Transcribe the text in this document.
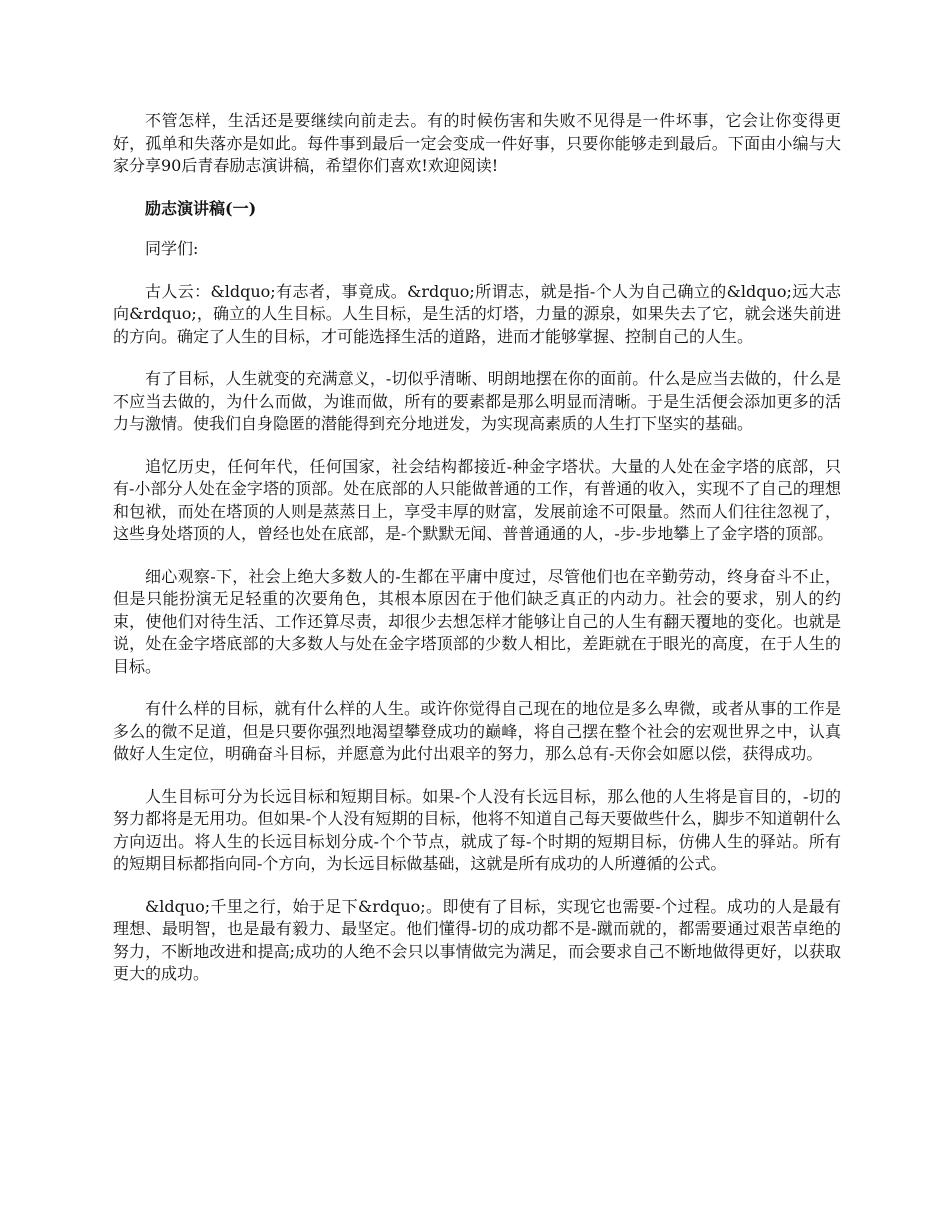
不管怎样，生活还是要继续向前走去。有的时候伤害和失败不见得是一件坏事，它会让你变得更好，孤单和失落亦是如此。每件事到最后一定会变成一件好事，只要你能够走到最后。下面由小编与大家分享90后青春励志演讲稿，希望你们喜欢!欢迎阅读!

励志演讲稿(一)

同学们:

古人云：&ldquo;有志者，事竟成。&rdquo;所谓志，就是指-个人为自己确立的&ldquo;远大志向&rdquo;，确立的人生目标。人生目标，是生活的灯塔，力量的源泉，如果失去了它，就会迷失前进的方向。确定了人生的目标，才可能选择生活的道路，进而才能够掌握、控制自己的人生。

有了目标，人生就变的充满意义，-切似乎清晰、明朗地摆在你的面前。什么是应当去做的，什么是不应当去做的，为什么而做，为谁而做，所有的要素都是那么明显而清晰。于是生活便会添加更多的活力与激情。使我们自身隐匿的潜能得到充分地迸发，为实现高素质的人生打下坚实的基础。

追忆历史，任何年代，任何国家，社会结构都接近-种金字塔状。大量的人处在金字塔的底部，只有-小部分人处在金字塔的顶部。处在底部的人只能做普通的工作，有普通的收入，实现不了自己的理想和包袱，而处在塔顶的人则是蒸蒸日上，享受丰厚的财富，发展前途不可限量。然而人们往往忽视了，这些身处塔顶的人，曾经也处在底部，是-个默默无闻、普普通通的人，-步-步地攀上了金字塔的顶部。

细心观察-下，社会上绝大多数人的-生都在平庸中度过，尽管他们也在辛勤劳动，终身奋斗不止，但是只能扮演无足轻重的次要角色，其根本原因在于他们缺乏真正的内动力。社会的要求，别人的约束，使他们对待生活、工作还算尽责，却很少去想怎样才能够让自己的人生有翻天覆地的变化。也就是说，处在金字塔底部的大多数人与处在金字塔顶部的少数人相比，差距就在于眼光的高度，在于人生的目标。

有什么样的目标，就有什么样的人生。或许你觉得自己现在的地位是多么卑微，或者从事的工作是多么的微不足道，但是只要你强烈地渴望攀登成功的巅峰，将自己摆在整个社会的宏观世界之中，认真做好人生定位，明确奋斗目标，并愿意为此付出艰辛的努力，那么总有-天你会如愿以偿，获得成功。

人生目标可分为长远目标和短期目标。如果-个人没有长远目标，那么他的人生将是盲目的，-切的努力都将是无用功。但如果-个人没有短期的目标，他将不知道自己每天要做些什么，脚步不知道朝什么方向迈出。将人生的长远目标划分成-个个节点，就成了每-个时期的短期目标，仿佛人生的驿站。所有的短期目标都指向同-个方向，为长远目标做基础，这就是所有成功的人所遵循的公式。

&ldquo;千里之行，始于足下&rdquo;。即使有了目标，实现它也需要-个过程。成功的人是最有理想、最明智，也是最有毅力、最坚定。他们懂得-切的成功都不是-蹴而就的，都需要通过艰苦卓绝的努力，不断地改进和提高;成功的人绝不会只以事情做完为满足，而会要求自己不断地做得更好，以获取更大的成功。
